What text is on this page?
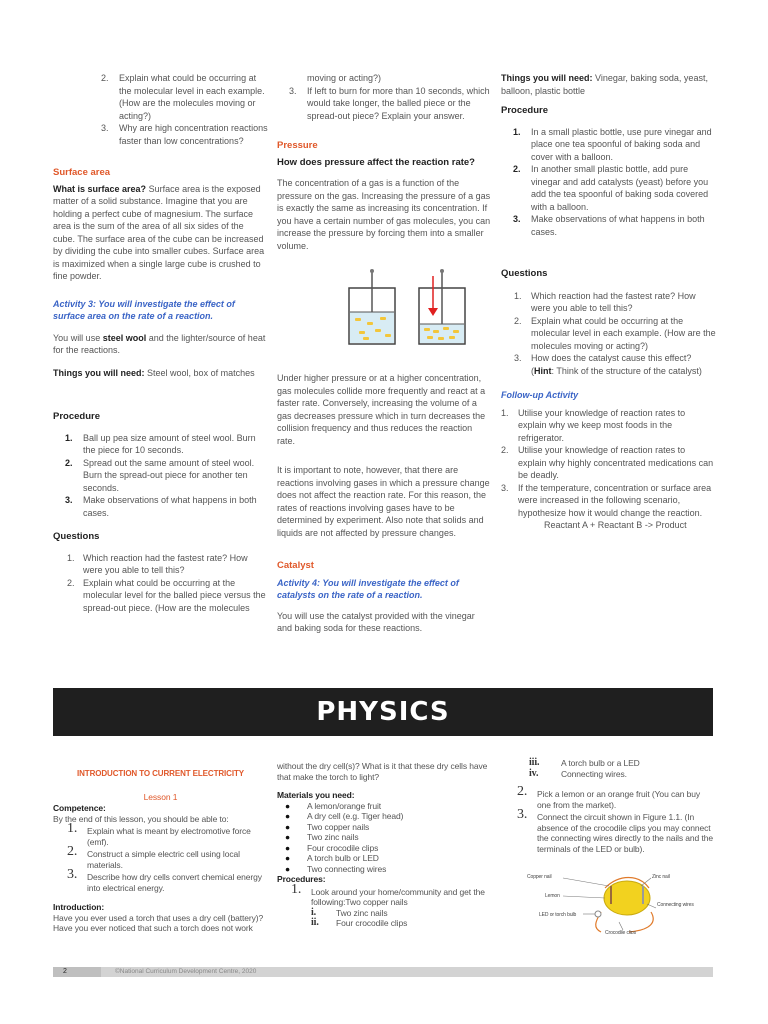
2.	Explain what could be occurring at the molecular level in each example. (How are the molecules moving or acting?)
3.	Why are high concentration reactions faster than low concentrations?

Surface area

What is surface area? Surface area is the exposed matter of a solid substance. Imagine that you are holding a perfect cube of magnesium. The surface area is the sum of the area of all six sides of the cube. The surface area of the cube can be increased by dividing the cube into smaller cubes. Surface area is maximized when a single large cube is crushed to fine powder.

Activity 3: You will investigate the effect of surface area on the rate of a reaction.

You will use steel wool and the lighter/source of heat for the reactions.

Things you will need: Steel wool, box of matches

Procedure

1.	Ball up pea size amount of steel wool. Burn the piece for 10 seconds.
2.	Spread out the same amount of steel wool. Burn the spread-out piece for another ten seconds.
3.	Make observations of what happens in both cases.

Questions

1. Which reaction had the fastest rate? How were you able to tell this?
2. Explain what could be occurring at the molecular level for the balled piece versus the spread-out piece. (How are the molecules

moving or acting?)

3.	If left to burn for more than 10 seconds, which would take longer, the balled piece or the spread-out piece? Explain your answer.

Pressure

How does pressure affect the reaction rate?

The concentration of a gas is a function of the pressure on the gas. Increasing the pressure of a gas is exactly the same as increasing its concentration. If you have a certain number of gas molecules, you can increase the pressure by forcing them into a smaller volume.

Under higher pressure or at a higher concentration, gas molecules collide more frequently and react at a faster rate. Conversely, increasing the volume of a gas decreases pressure which in turn decreases the collision frequency and thus reduces the reaction rate.

It is important to note, however, that there are reactions involving gases in which a pressure change does not affect the reaction rate. For this reason, the rates of reactions involving gases have to be determined by experiment. Also note that solids and liquids are not affected by pressure changes.

Catalyst

Activity 4: You will investigate the effect of catalysts on the rate of a reaction.

You will use the catalyst provided with the vinegar and baking soda for these reactions.

Things you will need: Vinegar, baking soda, yeast, balloon, plastic bottle

Procedure

1.	In a small plastic bottle, use pure vinegar and place one tea spoonful of baking soda and cover with a balloon.
2.	In another small plastic bottle, add pure vinegar and add catalysts (yeast) before you add the tea spoonful of baking soda covered with a balloon.
3.	Make observations of what happens in both cases.

Questions

1.	Which reaction had the fastest rate? How were you able to tell this?
2.	Explain what could be occurring at the molecular level in each example. (How are the molecules moving or acting?)
3.	How does the catalyst cause this effect?

(Hint: Think of the structure of the catalyst)

Follow-up Activity

1.	Utilise your knowledge of reaction rates to explain why we keep most foods in the refrigerator.
2.	Utilise your knowledge of reaction rates to explain why highly concentrated medications can be deadly.
3.	If the temperature, concentration or surface area were increased in the following scenario, hypothesize how it would change the reaction.

Reactant A + Reactant B -> Product

PHYSICS

INTRODUCTION TO CURRENT ELECTRICITY

Lesson 1

Competence:

By the end of this lesson, you should be able to:

1.	Explain what is meant by electromotive force (emf).
2.	Construct a simple electric cell using local materials.
3.	Describe how dry cells convert chemical energy into electrical energy.

Introduction:

Have you ever used a torch that uses a dry cell (battery)? Have you ever noticed that such a torch does not work

without the dry cell(s)? What is it that these dry cells have that make the torch to light?

Materials you need:

●	A lemon/orange fruit
●	A dry cell (e.g. Tiger head)
●	Two copper nails
●	Two zinc nails
●	Four crocodile clips
●	A torch bulb or LED
●	Two connecting wires

Procedures:

1.	Look around your home/community and get the following:Two copper nails
i.	Two zinc nails
ii.	Four crocodile clips
iii.	A torch bulb or a LED
iv.	Connecting wires.
2.	Pick a lemon or an orange fruit (You can buy one from the market).
3.	Connect the circuit shown in Figure 1.1. (In absence of the crocodile clips you may connect the connecting wires directly to the nails and the terminals of the LED or bulb).
Copper nail	Zinc nail
Lemon
Connecting wires
LED or torch bulb
Crocodile clips
2	©National Curriculum Development Centre, 2020
